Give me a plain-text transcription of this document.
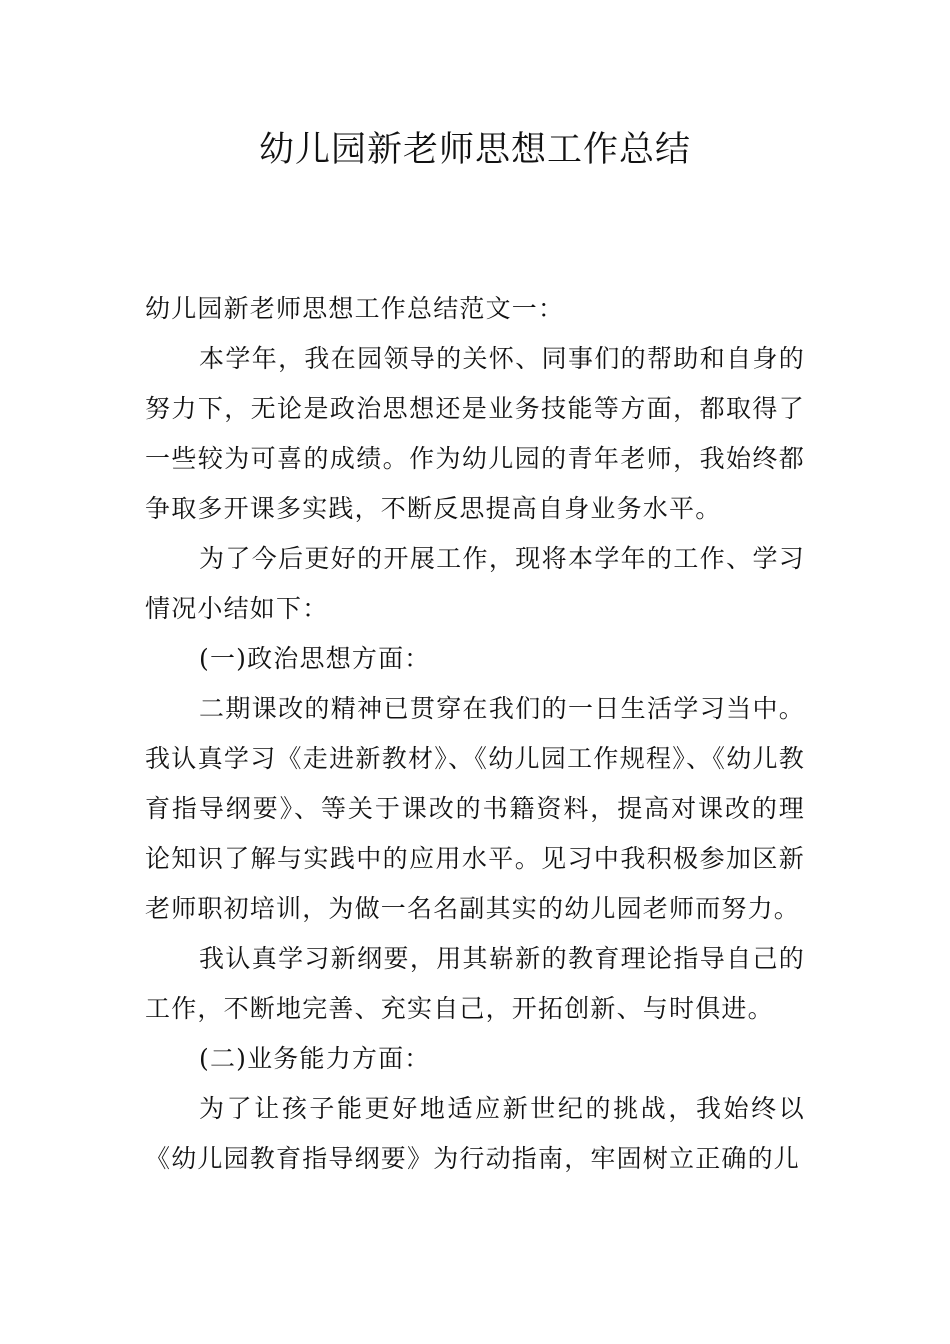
幼儿园新老师思想工作总结

幼儿园新老师思想工作总结范文一：

本学年，我在园领导的关怀、同事们的帮助和自身的努力下，无论是政治思想还是业务技能等方面，都取得了一些较为可喜的成绩。作为幼儿园的青年老师，我始终都争取多开课多实践，不断反思提高自身业务水平。

为了今后更好的开展工作，现将本学年的工作、学习情况小结如下：

(一)政治思想方面：

二期课改的精神已贯穿在我们的一日生活学习当中。我认真学习《走进新教材》、《幼儿园工作规程》、《幼儿教育指导纲要》、等关于课改的书籍资料，提高对课改的理论知识了解与实践中的应用水平。见习中我积极参加区新老师职初培训，为做一名名副其实的幼儿园老师而努力。

我认真学习新纲要，用其崭新的教育理论指导自己的工作，不断地完善、充实自己，开拓创新、与时俱进。

(二)业务能力方面：

为了让孩子能更好地适应新世纪的挑战，我始终以《幼儿园教育指导纲要》为行动指南，牢固树立正确的儿
